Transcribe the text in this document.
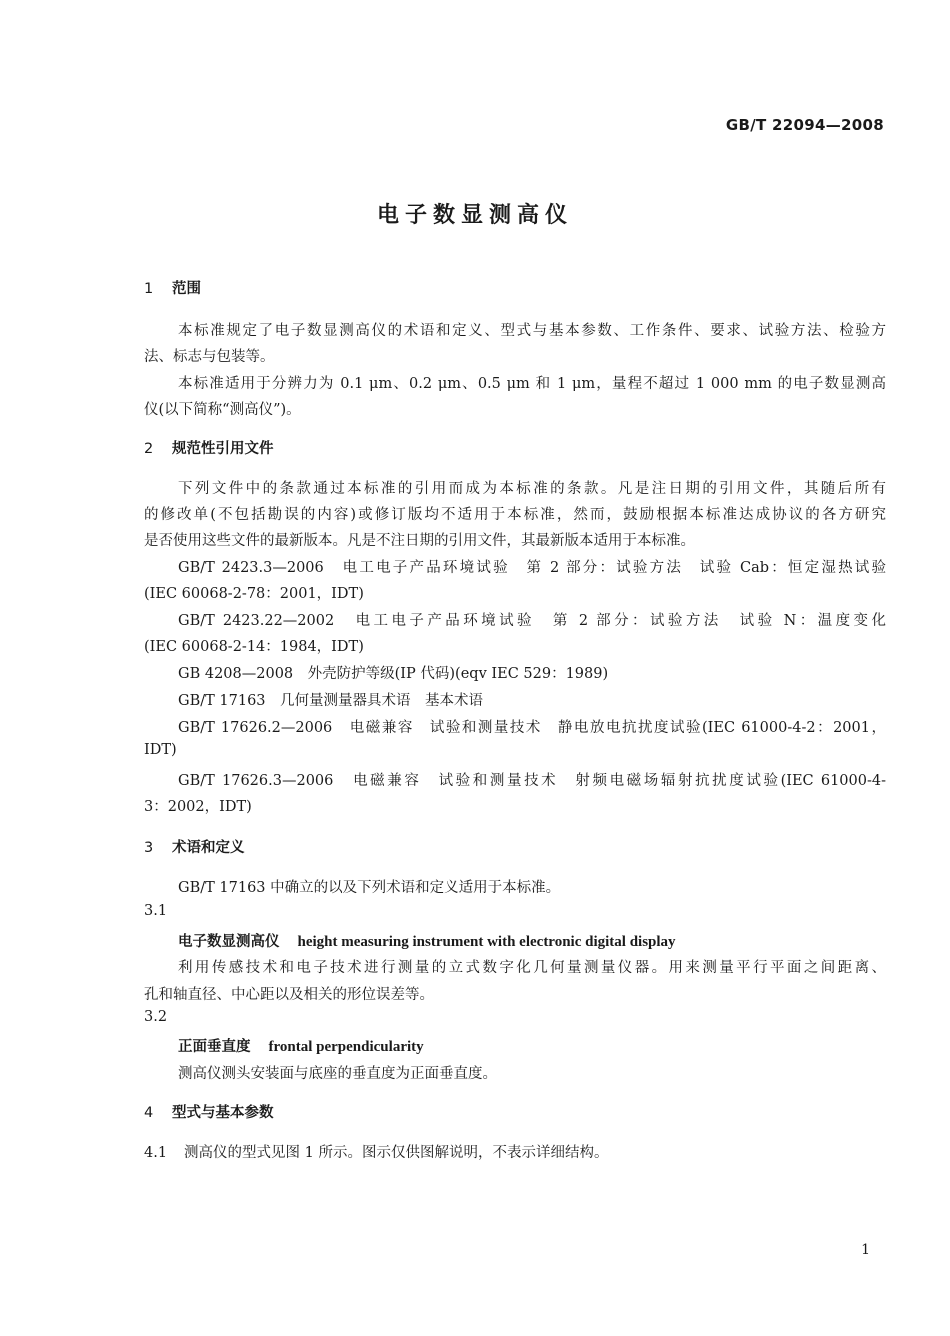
GB/T 22094—2008
电子数显测高仪
1 范围
本标准规定了电子数显测高仪的术语和定义、型式与基本参数、工作条件、要求、试验方法、检验方
法、标志与包装等。
本标准适用于分辨力为 0.1 μm、0.2 μm、0.5 μm 和 1 μm，量程不超过 1 000 mm 的电子数显测高
仪(以下简称“测高仪”)。
2 规范性引用文件
下列文件中的条款通过本标准的引用而成为本标准的条款。凡是注日期的引用文件，其随后所有
的修改单(不包括勘误的内容)或修订版均不适用于本标准，然而，鼓励根据本标准达成协议的各方研究
是否使用这些文件的最新版本。凡是不注日期的引用文件，其最新版本适用于本标准。
GB/T 2423.3—2006　电工电子产品环境试验　第 2 部分：试验方法　试验 Cab：恒定湿热试验
(IEC 60068-2-78：2001，IDT)
GB/T 2423.22—2002　电工电子产品环境试验　第 2 部分：试验方法　试验 N：温度变化
(IEC 60068-2-14：1984，IDT)
GB 4208—2008　外壳防护等级(IP 代码)(eqv IEC 529：1989)
GB/T 17163　几何量测量器具术语　基本术语
GB/T 17626.2—2006　电磁兼容　试验和测量技术　静电放电抗扰度试验(IEC 61000-4-2：2001，
IDT)
GB/T 17626.3—2006　电磁兼容　试验和测量技术　射频电磁场辐射抗扰度试验(IEC 61000-4-
3：2002，IDT)
3 术语和定义
GB/T 17163 中确立的以及下列术语和定义适用于本标准。
3.1
电子数显测高仪 height measuring instrument with electronic digital display
利用传感技术和电子技术进行测量的立式数字化几何量测量仪器。用来测量平行平面之间距离、
孔和轴直径、中心距以及相关的形位误差等。
3.2
正面垂直度 frontal perpendicularity
测高仪测头安装面与底座的垂直度为正面垂直度。
4 型式与基本参数
4.1 测高仪的型式见图 1 所示。图示仅供图解说明，不表示详细结构。
1
